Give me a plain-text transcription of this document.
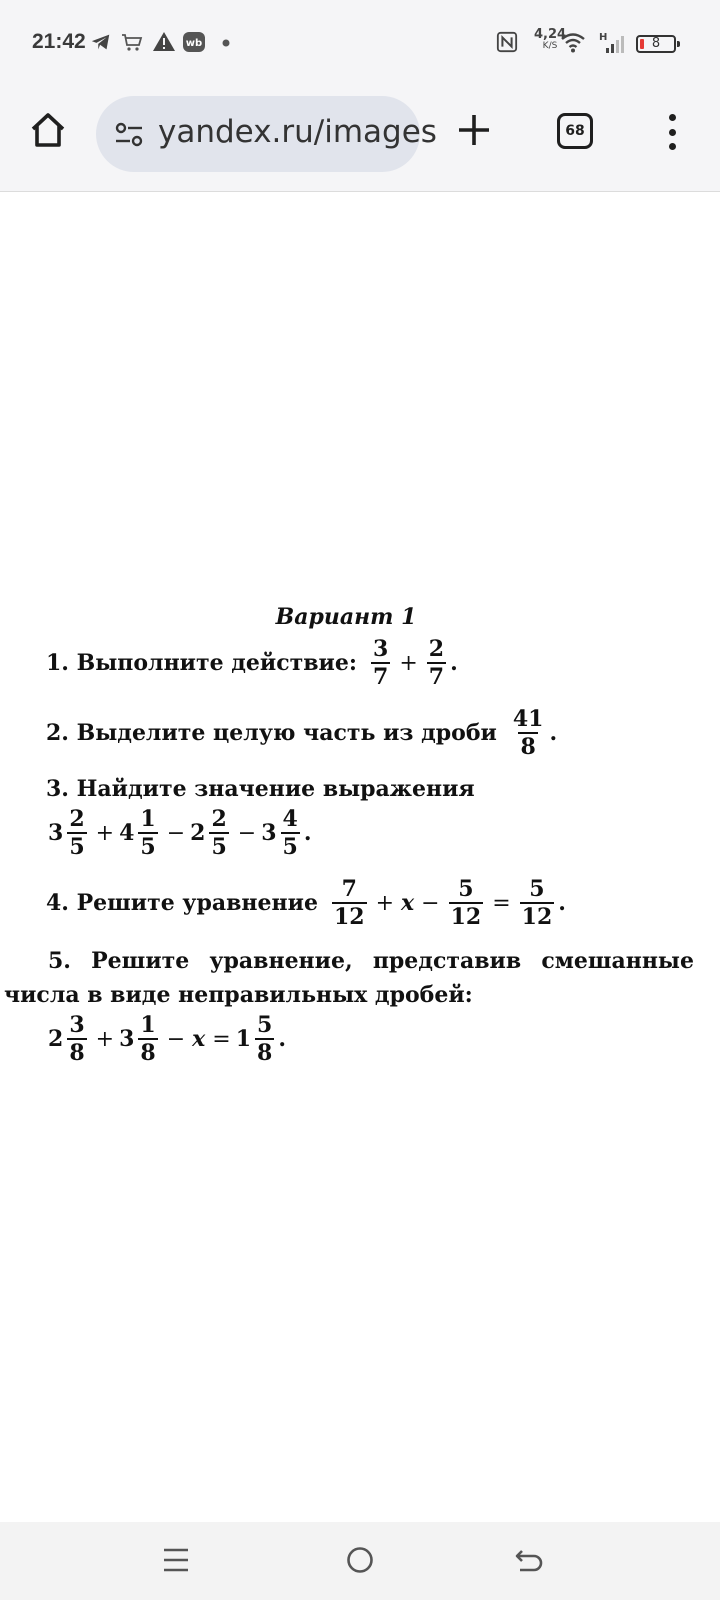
21:42	wb
4,24
K/S
H	8
yandex.ru/images	68
Вариант 1
1. Выполните действие: $\frac{3}{7} + \frac{2}{7}$ .
2. Выделите целую часть из дроби $\frac{41}{8}$ .
3. Найдите значение выражения
$3 \frac{2}{5} + 4 \frac{1}{5} - 2 \frac{2}{5} - 3 \frac{4}{5}$ .
4. Решите уравнение $\frac{7}{12} + x - \frac{5}{12} = \frac{5}{12}$ .
5. Решите уравнение, представив смешанные
числа в виде неправильных дробей:
$2 \frac{3}{8} + 3 \frac{1}{8} - x = 1 \frac{5}{8}$ .
